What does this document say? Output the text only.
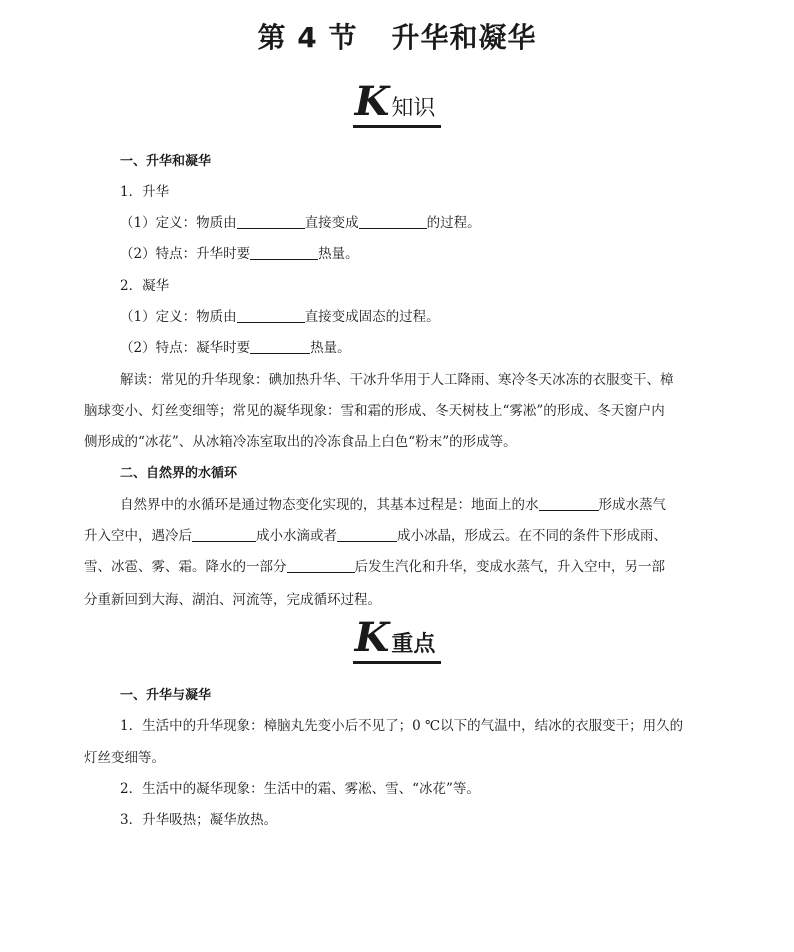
第 4 节 升华和凝华
K知识
一、升华和凝华
1．升华
（1）定义：物质由	直接变成	的过程。
（2）特点：升华时要	热量。
2．凝华
（1）定义：物质由	直接变成固态的过程。
（2）特点：凝华时要	热量。
解读：常见的升华现象：碘加热升华、干冰升华用于人工降雨、寒冷冬天冰冻的衣服变干、樟
脑球变小、灯丝变细等；常见的凝华现象：雪和霜的形成、冬天树枝上“雾凇”的形成、冬天窗户内
侧形成的“冰花”、从冰箱冷冻室取出的冷冻食品上白色“粉末”的形成等。
二、自然界的水循环
自然界中的水循环是通过物态变化实现的，其基本过程是：地面上的水	形成水蒸气
升入空中，遇冷后	成小水滴或者	成小冰晶，形成云。在不同的条件下形成雨、
雪、冰雹、雾、霜。降水的一部分	后发生汽化和升华，变成水蒸气，升入空中，另一部
分重新回到大海、湖泊、河流等，完成循环过程。
K重点
一、升华与凝华
1．生活中的升华现象：樟脑丸先变小后不见了；0 ℃以下的气温中，结冰的衣服变干；用久的
灯丝变细等。
2．生活中的凝华现象：生活中的霜、雾凇、雪、“冰花”等。
3．升华吸热；凝华放热。
